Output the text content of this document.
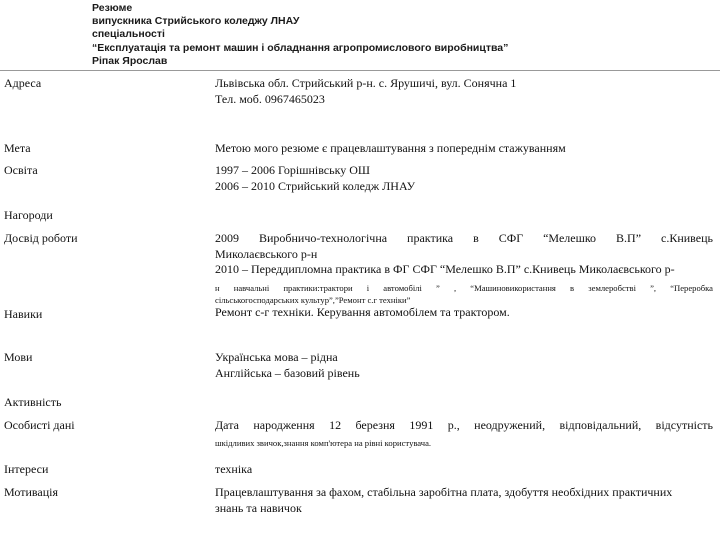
Резюме
випускника Стрийського коледжу ЛНАУ
спеціальності
“Експлуатація та ремонт машин і обладнання агропромислового виробництва”
Ріпак Ярослав
Адреса	Львівська обл. Стрийський р-н. с. Ярушичі, вул. Сонячна 1
Тел. моб. 0967465023
Мета	Метою мого резюме є працевлаштування з попереднім стажуванням
Освіта	1997 – 2006 Горішнівську ОШ
2006 – 2010 Стрийський коледж ЛНАУ
Нагороди
Досвід роботи	2009 Виробничо-технологічна практика в СФГ “Мелешко В.П” с.Книвець
Миколаєвського р-н
2010 – Переддипломна практика в ФГ СФГ “Мелешко В.П” с.Книвець Миколаєвського р-
н навчальні практики:трактори і автомобілі ” , “Машиновикористання в землеробстві ”, “Переробка
сільськогосподарських культур”,”Ремонт с.г техніки”
Навики	Ремонт с-г техніки. Керування автомобілем та трактором.
Мови	Українська мова – рідна
Англійська – базовий рівень
Активність
Особисті дані	Дата народження 12 березня 1991 р., неодружений, відповідальний, відсутність
шкідливих звичок,знання комп'ютера на рівні користувача.
Інтереси	техніка
Мотивація	Працевлаштування за фахом, стабільна заробітна плата, здобуття необхідних практичних
знань та навичок
